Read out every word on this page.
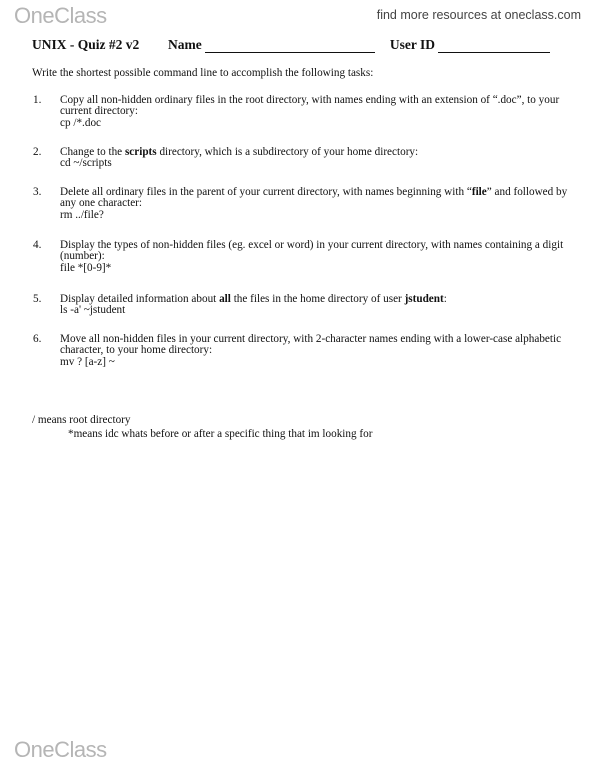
OneClass	find more resources at oneclass.com
UNIX - Quiz #2 v2 Name	User ID
Write the shortest possible command line to accomplish the following tasks:
1. Copy all non-hidden ordinary files in the root directory, with names ending with an extension of “.doc”, to your current directory:
cp /*.doc
2. Change to the scripts directory, which is a subdirectory of your home directory:
cd ~/scripts
3. Delete all ordinary files in the parent of your current directory, with names beginning with “file” and followed by any one character:
rm ../file?
4. Display the types of non-hidden files (eg. excel or word) in your current directory, with names containing a digit (number):
file *[0-9]*
5. Display detailed information about all the files in the home directory of user jstudent:
ls -a' ~jstudent
6. Move all non-hidden files in your current directory, with 2-character names ending with a lower-case alphabetic character, to your home directory:
mv ? [a-z] ~
/ means root directory
*means idc whats before or after a specific thing that im looking for
OneClass
